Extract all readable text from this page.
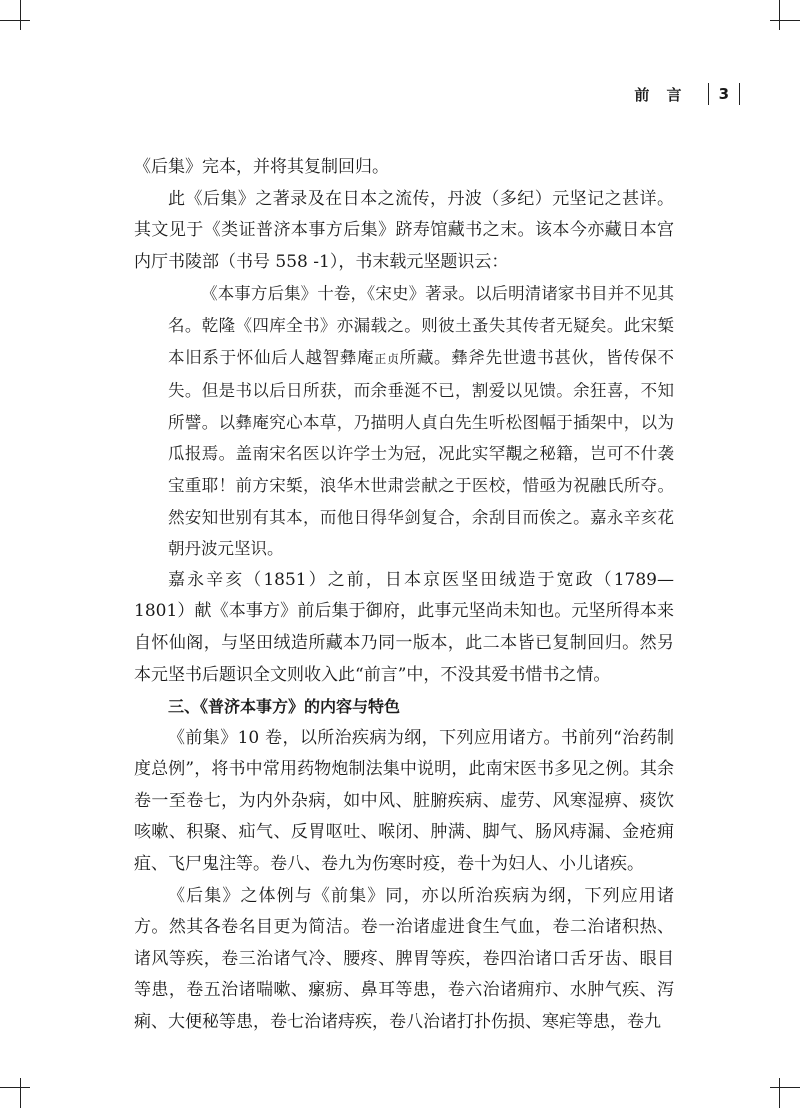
前 言	3

《后集》完本，并将其复制回归。

此《后集》之著录及在日本之流传，丹波（多纪）元坚记之甚详。其文见于《类证普济本事方后集》跻寿馆藏书之末。该本今亦藏日本宫内厅书陵部（书号 558 -1），书末载元坚题识云：

《本事方后集》十卷，《宋史》著录。以后明清诸家书目并不见其名。乾隆《四库全书》亦漏载之。则彼土蚤失其传者无疑矣。此宋椠本旧系于怀仙后人越智彝庵正贞所藏。彝斧先世遗书甚伙，皆传保不失。但是书以后日所获，而余垂涎不已，割爱以见馈。余狂喜，不知所譬。以彝庵究心本草，乃描明人貞白先生听松图幅于插架中，以为瓜报焉。盖南宋名医以许学士为冠，况此实罕覯之秘籍，岂可不什袭宝重耶！前方宋椠，浪华木世肃尝献之于医校，惜亟为祝融氏所夺。然安知世别有其本，而他日得华剑复合，余刮目而俟之。嘉永辛亥花朝丹波元坚识。

嘉永辛亥（1851）之前，日本京医坚田绒造于宽政（1789—1801）献《本事方》前后集于御府，此事元坚尚未知也。元坚所得本来自怀仙阁，与坚田绒造所藏本乃同一版本，此二本皆已复制回归。然另本元坚书后题识全文则收入此“前言”中，不没其爱书惜书之情。

三、《普济本事方》的内容与特色

《前集》10 卷，以所治疾病为纲，下列应用诸方。书前列“治药制度总例”，将书中常用药物炮制法集中说明，此南宋医书多见之例。其余卷一至卷七，为内外杂病，如中风、脏腑疾病、虚劳、风寒湿痹、痰饮咳嗽、积聚、疝气、反胃呕吐、喉闭、肿满、脚气、肠风痔漏、金疮痈疽、飞尸鬼注等。卷八、卷九为伤寒时疫，卷十为妇人、小儿诸疾。

《后集》之体例与《前集》同，亦以所治疾病为纲，下列应用诸方。然其各卷名目更为简洁。卷一治诸虚进食生气血，卷二治诸积热、诸风等疾，卷三治诸气冷、腰疼、脾胃等疾，卷四治诸口舌牙齿、眼目等患，卷五治诸喘嗽、瘰疬、鼻耳等患，卷六治诸痈疖、水肿气疾、泻痢、大便秘等患，卷七治诸痔疾，卷八治诸打扑伤损、寒疟等患，卷九
